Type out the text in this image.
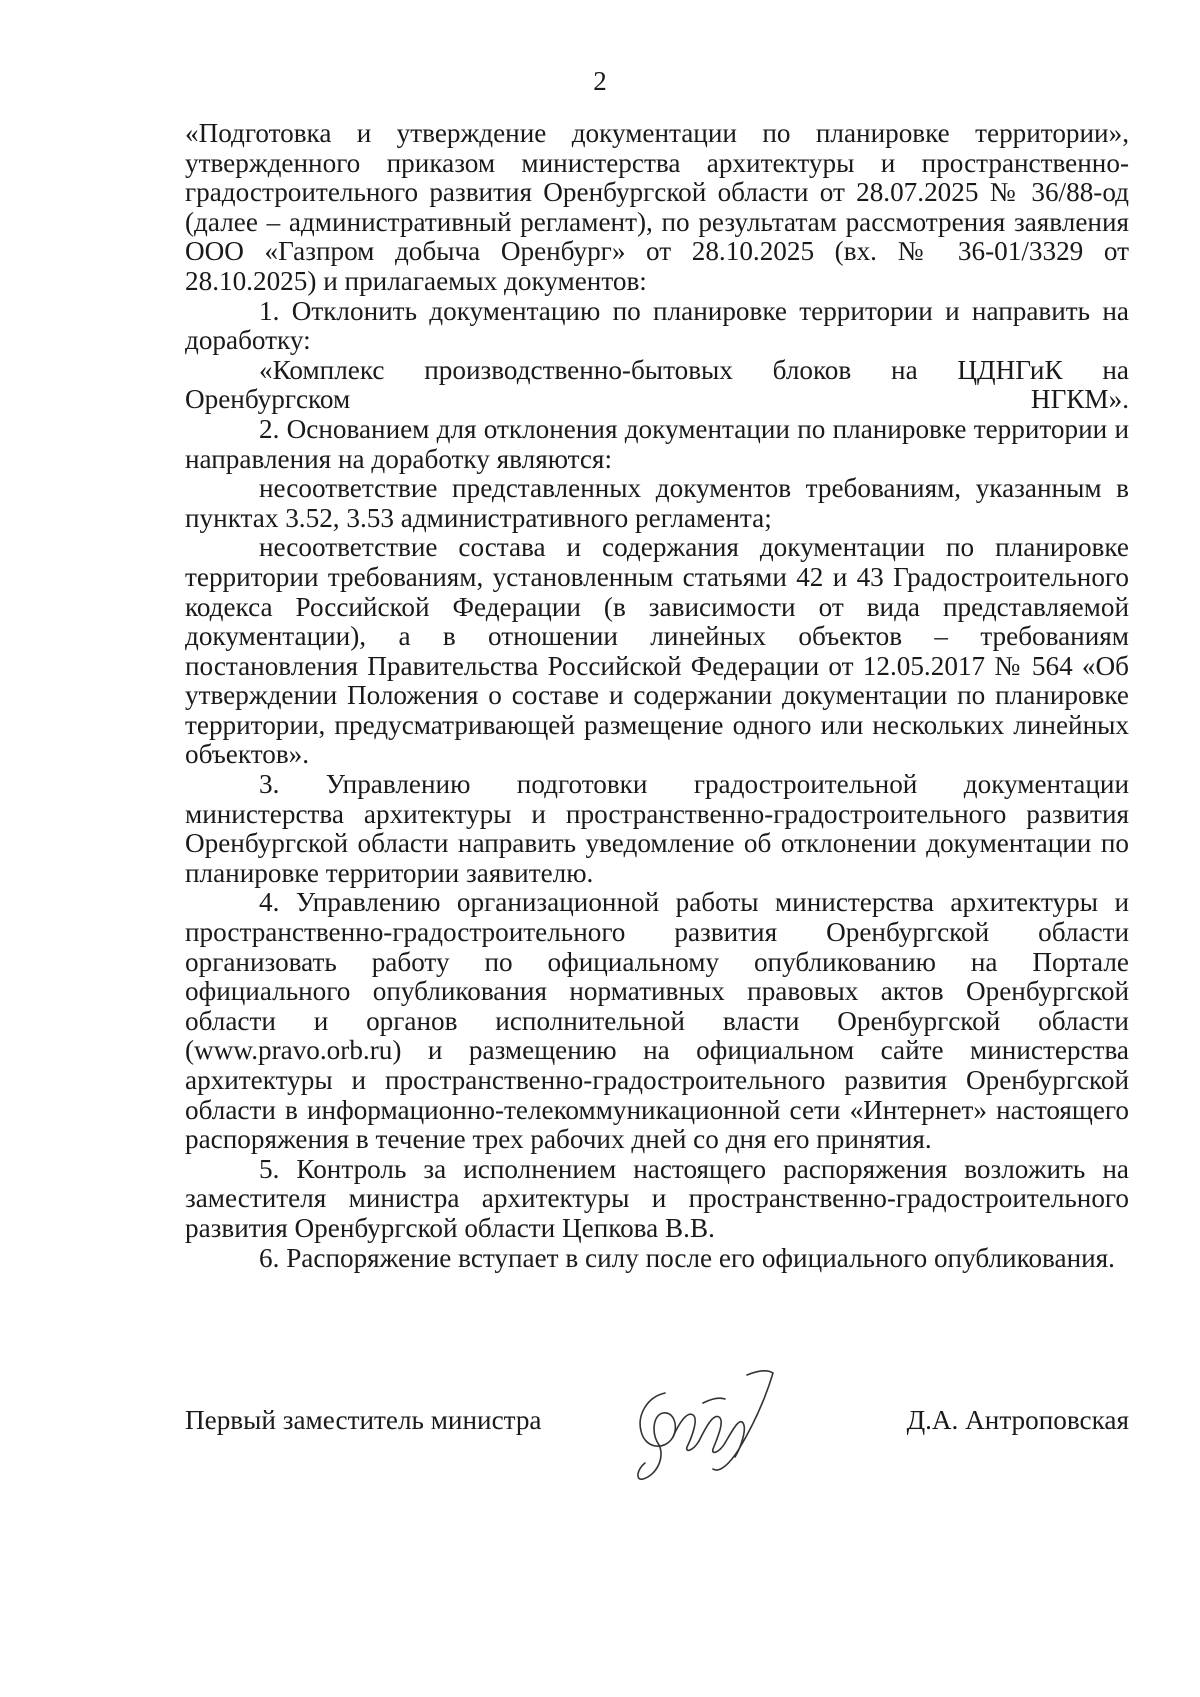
2

«Подготовка и утверждение документации по планировке территории», утвержденного приказом министерства архитектуры и пространственно-градостроительного развития Оренбургской области от 28.07.2025 № 36/88-од (далее – административный регламент), по результатам рассмотрения заявления ООО «Газпром добыча Оренбург» от 28.10.2025 (вх. № 36-01/3329 от 28.10.2025) и прилагаемых документов:

1. Отклонить документацию по планировке территории и направить на доработку:

«Комплекс производственно-бытовых блоков на ЦДНГиК на Оренбургском НГКМ».

2. Основанием для отклонения документации по планировке территории и направления на доработку являются:

несоответствие представленных документов требованиям, указанным в пунктах 3.52, 3.53 административного регламента;

несоответствие состава и содержания документации по планировке территории требованиям, установленным статьями 42 и 43 Градостроительного кодекса Российской Федерации (в зависимости от вида представляемой документации), а в отношении линейных объектов – требованиям постановления Правительства Российской Федерации от 12.05.2017 № 564 «Об утверждении Положения о составе и содержании документации по планировке территории, предусматривающей размещение одного или нескольких линейных объектов».

3. Управлению подготовки градостроительной документации министерства архитектуры и пространственно-градостроительного развития Оренбургской области направить уведомление об отклонении документации по планировке территории заявителю.

4. Управлению организационной работы министерства архитектуры и пространственно-градостроительного развития Оренбургской области организовать работу по официальному опубликованию на Портале официального опубликования нормативных правовых актов Оренбургской области и органов исполнительной власти Оренбургской области (www.pravo.orb.ru) и размещению на официальном сайте министерства архитектуры и пространственно-градостроительного развития Оренбургской области в информационно-телекоммуникационной сети «Интернет» настоящего распоряжения в течение трех рабочих дней со дня его принятия.

5. Контроль за исполнением настоящего распоряжения возложить на заместителя министра архитектуры и пространственно-градостроительного развития Оренбургской области Цепкова В.В.

6. Распоряжение вступает в силу после его официального опубликования.

Первый заместитель министра	Д.А. Антроповская
